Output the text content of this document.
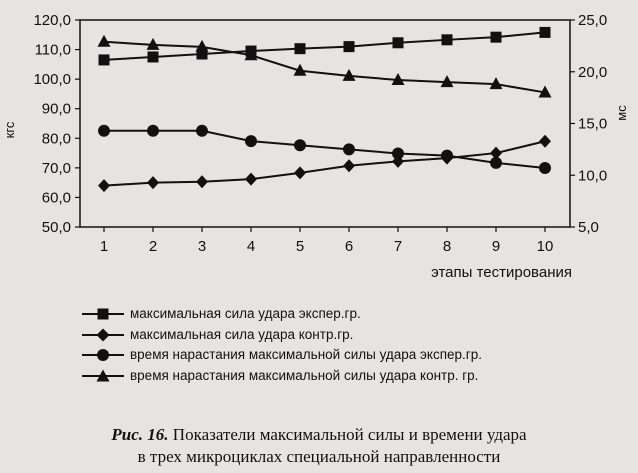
50,0
60,0
70,0
80,0
90,0
100,0
110,0
120,0
5,0
10,0
15,0
20,0
25,0
1	2	3	4	5	6	7	8	9 10
кгс
мс
этапы тестирования
максимальная сила удара экспер.гр.
максимальная сила удара контр.гр.
время нарастания максимальной силы удара экспер.гр.
время нарастания максимальной силы удара контр. гр.
Рис. 16. Показатели максимальной силы и времени удара
в трех микроциклах специальной направленности
